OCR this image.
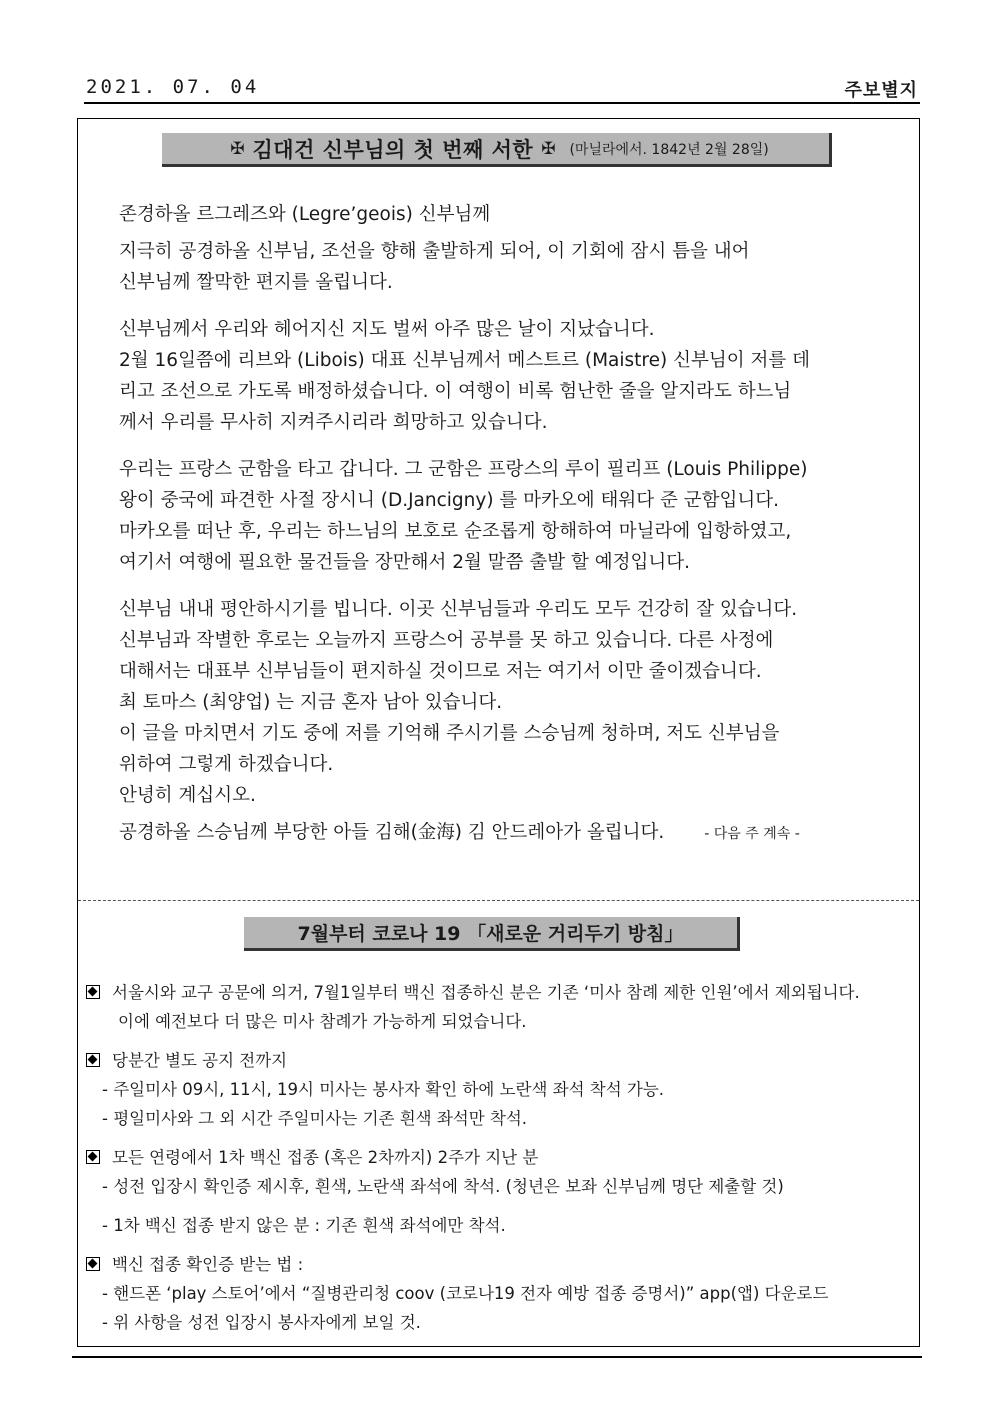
2021. 07. 04	주보별지
✠ 김대건 신부님의 첫 번째 서한 ✠ (마닐라에서. 1842년 2월 28일)
존경하올 르그레즈와 (Legre’geois) 신부님께
지극히 공경하올 신부님, 조선을 향해 출발하게 되어, 이 기회에 잠시 틈을 내어
신부님께 짤막한 편지를 올립니다.
신부님께서 우리와 헤어지신 지도 벌써 아주 많은 날이 지났습니다.
2월 16일쯤에 리브와 (Libois) 대표 신부님께서 메스트르 (Maistre) 신부님이 저를 데
리고 조선으로 가도록 배정하셨습니다. 이 여행이 비록 험난한 줄을 알지라도 하느님
께서 우리를 무사히 지켜주시리라 희망하고 있습니다.
우리는 프랑스 군함을 타고 갑니다. 그 군함은 프랑스의 루이 필리프 (Louis Philippe)
왕이 중국에 파견한 사절 장시니 (D.Jancigny) 를 마카오에 태워다 준 군함입니다.
마카오를 떠난 후, 우리는 하느님의 보호로 순조롭게 항해하여 마닐라에 입항하였고,
여기서 여행에 필요한 물건들을 장만해서 2월 말쯤 출발 할 예정입니다.
신부님 내내 평안하시기를 빕니다. 이곳 신부님들과 우리도 모두 건강히 잘 있습니다.
신부님과 작별한 후로는 오늘까지 프랑스어 공부를 못 하고 있습니다. 다른 사정에
대해서는 대표부 신부님들이 편지하실 것이므로 저는 여기서 이만 줄이겠습니다.
최 토마스 (최양업) 는 지금 혼자 남아 있습니다.
이 글을 마치면서 기도 중에 저를 기억해 주시기를 스승님께 청하며, 저도 신부님을
위하여 그렇게 하겠습니다.
안녕히 계십시오.
공경하올 스승님께 부당한 아들 김해(金海) 김 안드레아가 올립니다.	- 다음 주 계속 -
7월부터 코로나 19 「새로운 거리두기 방침」
서울시와 교구 공문에 의거, 7월1일부터 백신 접종하신 분은 기존 ‘미사 참례 제한 인원’에서 제외됩니다.
이에 예전보다 더 많은 미사 참례가 가능하게 되었습니다.
당분간 별도 공지 전까지
- 주일미사 09시, 11시, 19시 미사는 봉사자 확인 하에 노란색 좌석 착석 가능.
- 평일미사와 그 외 시간 주일미사는 기존 흰색 좌석만 착석.
모든 연령에서 1차 백신 접종 (혹은 2차까지) 2주가 지난 분
- 성전 입장시 확인증 제시후, 흰색, 노란색 좌석에 착석. (청년은 보좌 신부님께 명단 제출할 것)
- 1차 백신 접종 받지 않은 분 : 기존 흰색 좌석에만 착석.
백신 접종 확인증 받는 법 :
- 핸드폰 ‘play 스토어’에서 “질병관리청 coov (코로나19 전자 예방 접종 증명서)” app(앱) 다운로드
- 위 사항을 성전 입장시 봉사자에게 보일 것.
